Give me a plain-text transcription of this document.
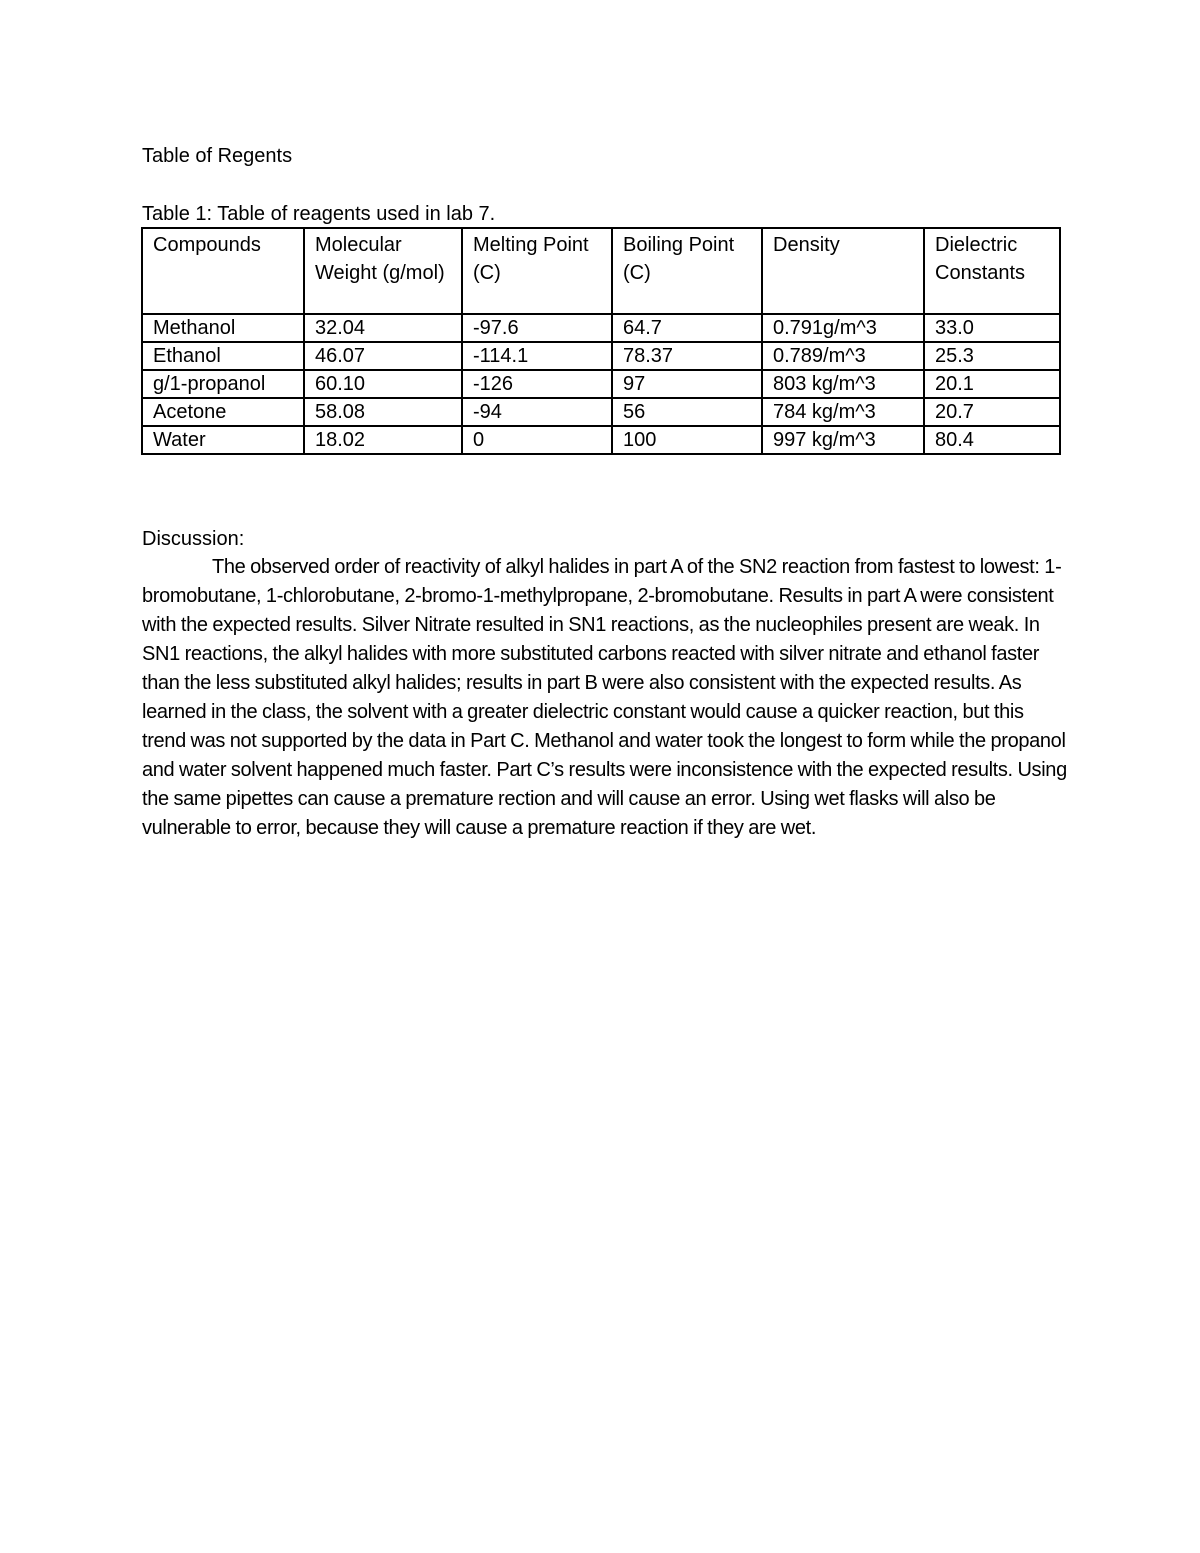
Table of Regents

Table 1: Table of reagents used in lab 7.

Compounds	Molecular Weight (g/mol)	Melting Point (C)	Boiling Point (C)	Density	Dielectric Constants
Methanol	32.04	-97.6	64.7	0.791g/m^3	33.0
Ethanol	46.07	-114.1	78.37	0.789/m^3	25.3
g/1-propanol	60.10	-126	97	803 kg/m^3	20.1
Acetone	58.08	-94	56	784 kg/m^3	20.7
Water	18.02	0	100	997 kg/m^3	80.4

Discussion:

The observed order of reactivity of alkyl halides in part A of the SN2 reaction from fastest to lowest: 1-bromobutane, 1-chlorobutane, 2-bromo-1-methylpropane, 2-bromobutane. Results in part A were consistent with the expected results. Silver Nitrate resulted in SN1 reactions, as the nucleophiles present are weak. In SN1 reactions, the alkyl halides with more substituted carbons reacted with silver nitrate and ethanol faster than the less substituted alkyl halides; results in part B were also consistent with the expected results. As learned in the class, the solvent with a greater dielectric constant would cause a quicker reaction, but this trend was not supported by the data in Part C. Methanol and water took the longest to form while the propanol and water solvent happened much faster. Part C’s results were inconsistence with the expected results. Using the same pipettes can cause a premature rection and will cause an error. Using wet flasks will also be vulnerable to error, because they will cause a premature reaction if they are wet.
